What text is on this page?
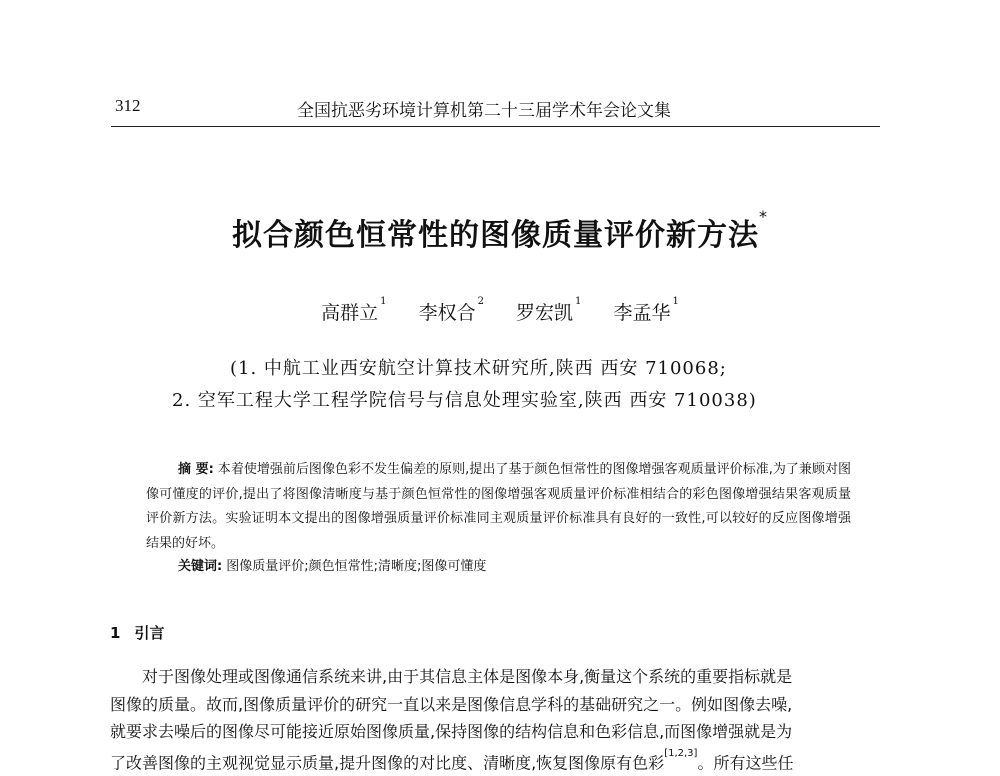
312	全国抗恶劣环境计算机第二十三届学术年会论文集
拟合颜色恒常性的图像质量评价新方法*
高群立$^1$ 李权合$^2$ 罗宏凯$^1$ 李孟华$^1$
(1. 中航工业西安航空计算技术研究所,陕西 西安 710068;
2. 空军工程大学工程学院信号与信息处理实验室,陕西 西安 710038)
摘 要: 本着使增强前后图像色彩不发生偏差的原则,提出了基于颜色恒常性的图像增强客观质量评价标准,为了兼顾对图像可懂度的评价,提出了将图像清晰度与基于颜色恒常性的图像增强客观质量评价标准相结合的彩色图像增强结果客观质量评价新方法。实验证明本文提出的图像增强质量评价标准同主观质量评价标准具有良好的一致性,可以较好的反应图像增强结果的好坏。
关键词: 图像质量评价;颜色恒常性;清晰度;图像可懂度
1 引言
对于图像处理或图像通信系统来讲,由于其信息主体是图像本身,衡量这个系统的重要指标就是
图像的质量。故而,图像质量评价的研究一直以来是图像信息学科的基础研究之一。例如图像去噪,
就要求去噪后的图像尽可能接近原始图像质量,保持图像的结构信息和色彩信息,而图像增强就是为
了改善图像的主观视觉显示质量,提升图像的对比度、清晰度,恢复图像原有色彩[1,2,3]。所有这些任
